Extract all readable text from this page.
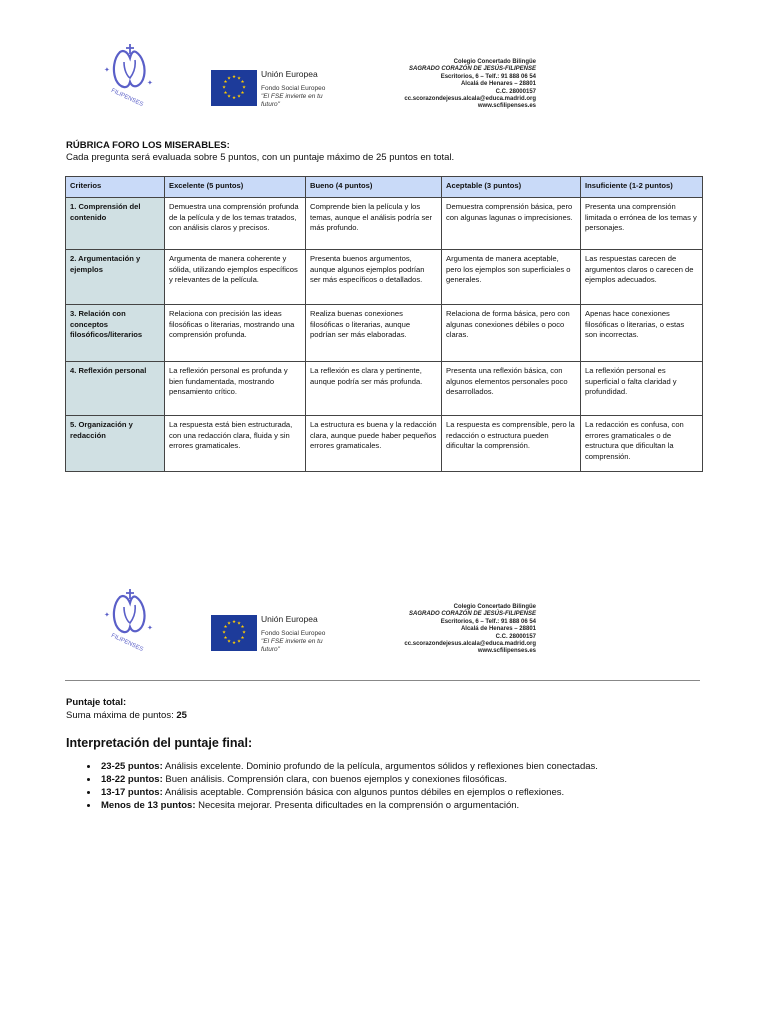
✦
✦
FILIPENSES
★ ★
★
★
★
★
★
★
★
★
★
★	Unión Europea
Fondo Social Europeo
"El FSE invierte en tu futuro"
Colegio Concertado Bilingüe
SAGRADO CORAZÓN DE JESÚS-FILIPENSE
Escritorios, 6 – Telf.: 91 888 06 54
Alcalá de Henares – 28801
C.C. 28000157
cc.scorazondejesus.alcala@educa.madrid.org
www.scfilipenses.es
RÚBRICA FORO LOS MISERABLES:
Cada pregunta será evaluada sobre 5 puntos, con un puntaje máximo de 25 puntos en total.
Criterios	Excelente (5 puntos)	Bueno (4 puntos)	Aceptable (3 puntos)	Insuficiente (1-2 puntos)
1. Comprensión del contenido	Demuestra una comprensión profunda de la película y de los temas tratados, con análisis claros y precisos.	Comprende bien la película y los temas, aunque el análisis podría ser más profundo.	Demuestra comprensión básica, pero con algunas lagunas o imprecisiones.	Presenta una comprensión limitada o errónea de los temas y personajes.
2. Argumentación y ejemplos	Argumenta de manera coherente y sólida, utilizando ejemplos específicos y relevantes de la película.	Presenta buenos argumentos, aunque algunos ejemplos podrían ser más específicos o detallados.	Argumenta de manera aceptable, pero los ejemplos son superficiales o generales.	Las respuestas carecen de argumentos claros o carecen de ejemplos adecuados.
3. Relación con conceptos filosóficos/literarios	Relaciona con precisión las ideas filosóficas o literarias, mostrando una comprensión profunda.	Realiza buenas conexiones filosóficas o literarias, aunque podrían ser más elaboradas.	Relaciona de forma básica, pero con algunas conexiones débiles o poco claras.	Apenas hace conexiones filosóficas o literarias, o estas son incorrectas.
4. Reflexión personal	La reflexión personal es profunda y bien fundamentada, mostrando pensamiento crítico.	La reflexión es clara y pertinente, aunque podría ser más profunda.	Presenta una reflexión básica, con algunos elementos personales poco desarrollados.	La reflexión personal es superficial o falta claridad y profundidad.
5. Organización y redacción	La respuesta está bien estructurada, con una redacción clara, fluida y sin errores gramaticales.	La estructura es buena y la redacción clara, aunque puede haber pequeños errores gramaticales.	La respuesta es comprensible, pero la redacción o estructura pueden dificultar la comprensión.	La redacción es confusa, con errores gramaticales o de estructura que dificultan la comprensión.
✦
✦
FILIPENSES
★ ★
★
★
★
★
★
★
★
★
★
★	Unión Europea
Fondo Social Europeo
"El FSE invierte en tu futuro"
Colegio Concertado Bilingüe
SAGRADO CORAZÓN DE JESÚS-FILIPENSE
Escritorios, 6 – Telf.: 91 888 06 54
Alcalá de Henares – 28801
C.C. 28000157
cc.scorazondejesus.alcala@educa.madrid.org
www.scfilipenses.es
Puntaje total:
Suma máxima de puntos: 25
Interpretación del puntaje final:
• 23-25 puntos: Análisis excelente. Dominio profundo de la película, argumentos sólidos y reflexiones bien conectadas.
• 18-22 puntos: Buen análisis. Comprensión clara, con buenos ejemplos y conexiones filosóficas.
• 13-17 puntos: Análisis aceptable. Comprensión básica con algunos puntos débiles en ejemplos o reflexiones.
• Menos de 13 puntos: Necesita mejorar. Presenta dificultades en la comprensión o argumentación.
